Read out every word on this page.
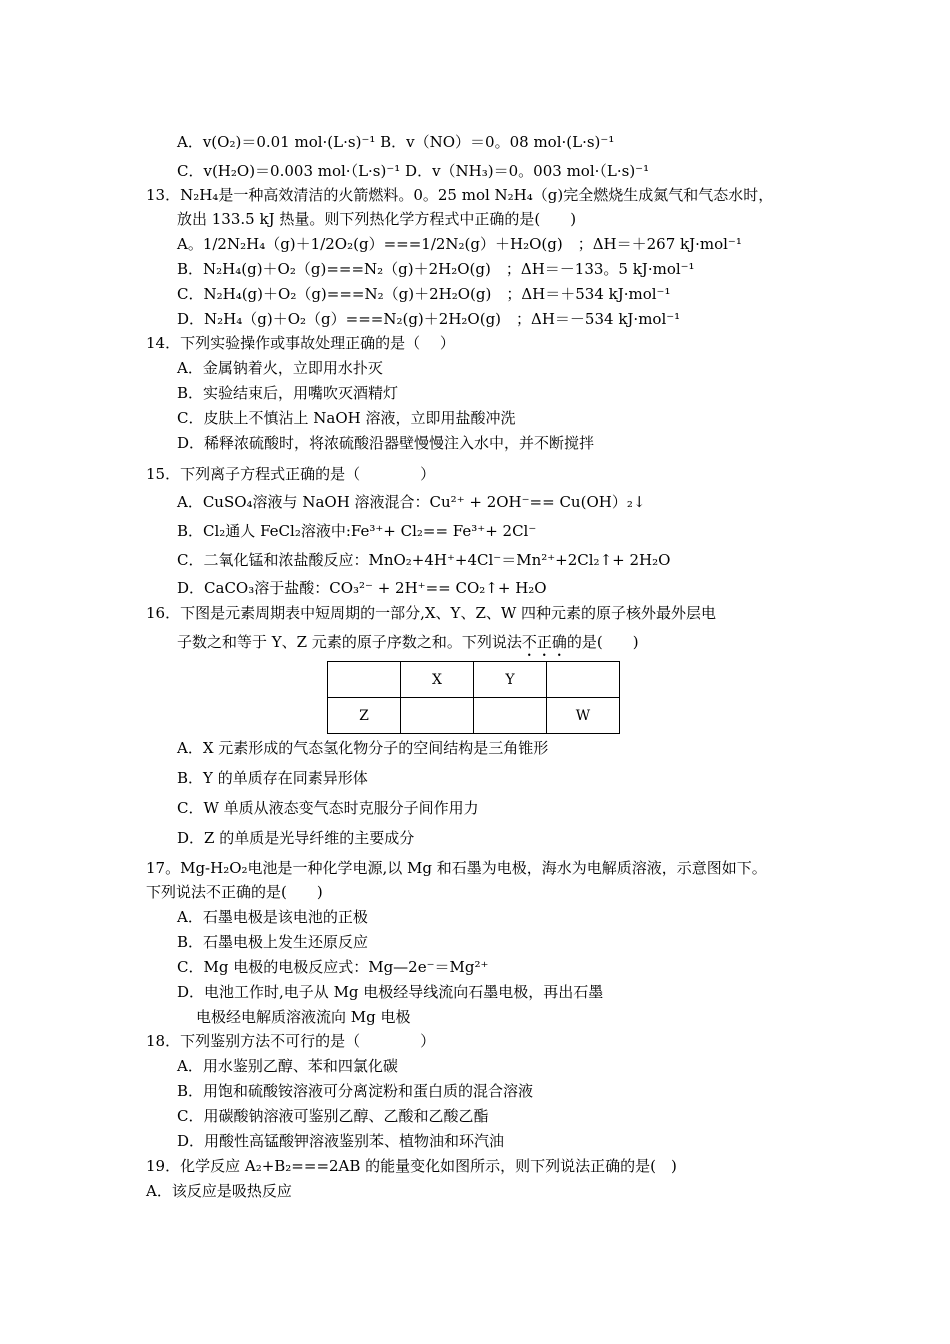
A．v(O₂)＝0.01 mol·(L·s)⁻¹ B．v（NO）＝0。08 mol·(L·s)⁻¹
C．v(H₂O)＝0.003 mol·（L·s)⁻¹ D．v（NH₃)＝0。003 mol·（L·s)⁻¹
13．N₂H₄是一种高效清洁的火箭燃料。0。25 mol N₂H₄（g)完全燃烧生成氮气和气态水时，
放出 133.5 kJ 热量。则下列热化学方程式中正确的是(　　)
A。1/2N₂H₄（g)＋1/2O₂(g）===1/2N₂(g）＋H₂O(g)　；ΔH＝＋267 kJ·mol⁻¹
B．N₂H₄(g)＋O₂（g)===N₂（g)＋2H₂O(g)　；ΔH＝－133。5 kJ·mol⁻¹
C．N₂H₄(g)＋O₂（g)===N₂（g)＋2H₂O(g)　；ΔH＝＋534 kJ·mol⁻¹
D．N₂H₄（g)＋O₂（g）===N₂(g)＋2H₂O(g)　；ΔH＝－534 kJ·mol⁻¹
14．下列实验操作或事故处理正确的是（　 ）
A．金属钠着火，立即用水扑灭
B．实验结束后，用嘴吹灭酒精灯
C．皮肤上不慎沾上 NaOH 溶液，立即用盐酸冲洗
D．稀释浓硫酸时，将浓硫酸沿器壁慢慢注入水中，并不断搅拌
15．下列离子方程式正确的是（　　　　）
A．CuSO₄溶液与 NaOH 溶液混合：Cu²⁺ + 2OH⁻== Cu(OH）₂↓
B．Cl₂通人 FeCl₂溶液中:Fe³⁺+ Cl₂== Fe³⁺+ 2Cl⁻
C．二氧化锰和浓盐酸反应：MnO₂+4H⁺+4Cl⁻＝Mn²⁺+2Cl₂↑+ 2H₂O
D．CaCO₃溶于盐酸：CO₃²⁻ + 2H⁺== CO₂↑+ H₂O
16．下图是元素周期表中短周期的一部分,X、Y、Z、W 四种元素的原子核外最外层电
子数之和等于 Y、Z 元素的原子序数之和。下列说法不正确的是(　　)
	X	Y	
Z			W
A．X 元素形成的气态氢化物分子的空间结构是三角锥形
B．Y 的单质存在同素异形体
C．W 单质从液态变气态时克服分子间作用力
D．Z 的单质是光导纤维的主要成分
17。Mg-H₂O₂电池是一种化学电源,以 Mg 和石墨为电极，海水为电解质溶液，示意图如下。
下列说法不正确的是(　　)
A．石墨电极是该电池的正极
B．石墨电极上发生还原反应
C．Mg 电极的电极反应式：Mg—2e⁻＝Mg²⁺
D．电池工作时,电子从 Mg 电极经导线流向石墨电极，再出石墨
电极经电解质溶液流向 Mg 电极
18．下列鉴别方法不可行的是（　　　　）
A．用水鉴别乙醇、苯和四氯化碳
B．用饱和硫酸铵溶液可分离淀粉和蛋白质的混合溶液
C．用碳酸钠溶液可鉴别乙醇、乙酸和乙酸乙酯
D．用酸性高锰酸钾溶液鉴别苯、植物油和环汽油
19．化学反应 A₂+B₂===2AB 的能量变化如图所示，则下列说法正确的是(　)
A．该反应是吸热反应
